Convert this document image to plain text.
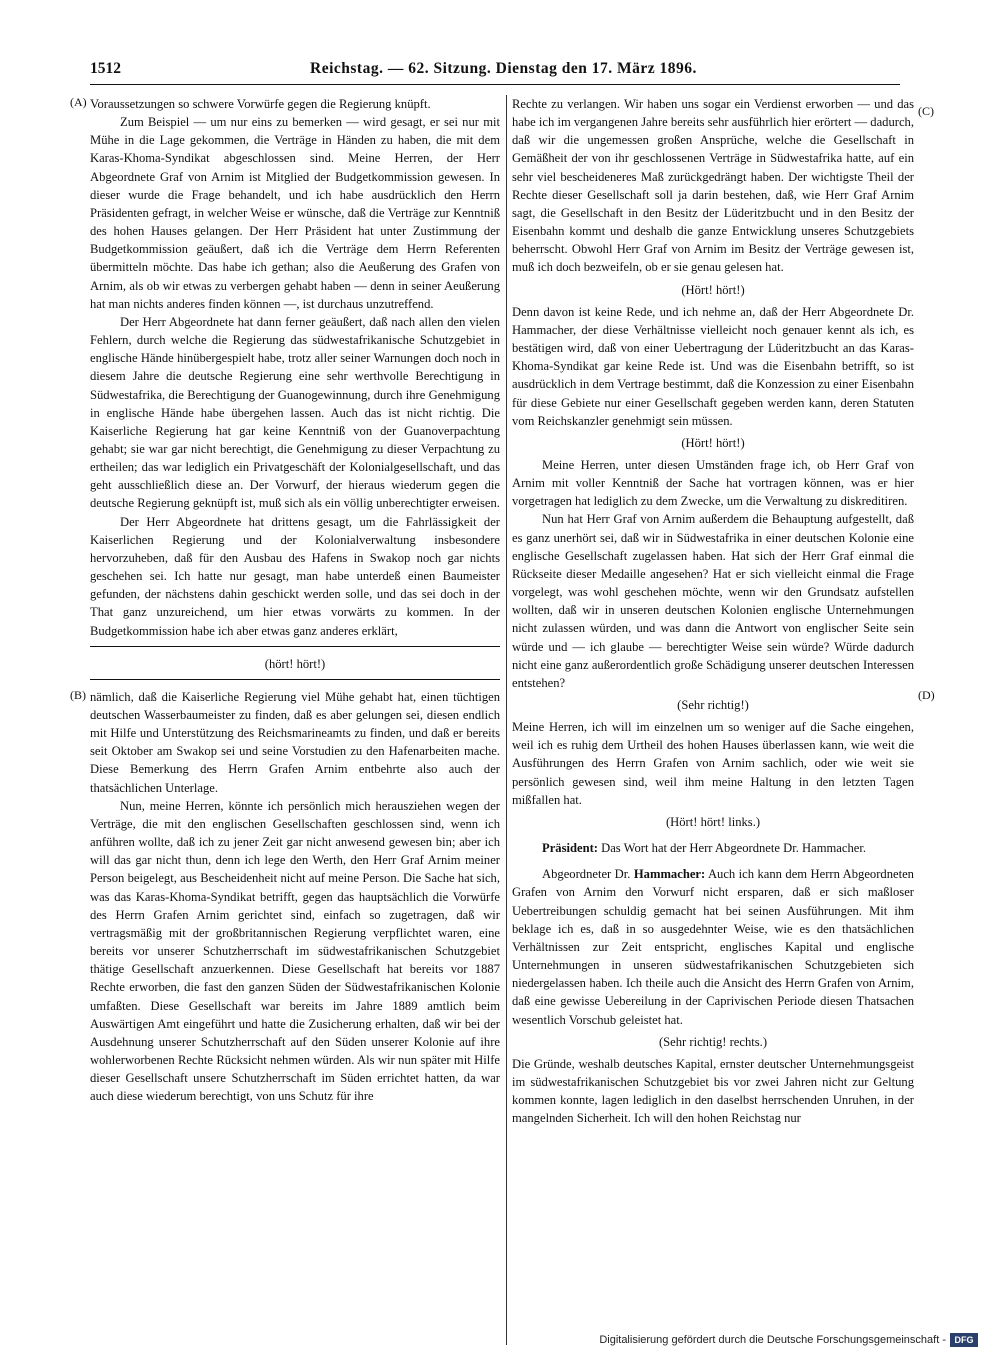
1512	Reichstag. — 62. Sitzung. Dienstag den 17. März 1896.
(A)
(B)
(C)
(D)

Voraussetzungen so schwere Vorwürfe gegen die Regierung knüpft.

Zum Beispiel — um nur eins zu bemerken — wird gesagt, er sei nur mit Mühe in die Lage gekommen, die Verträge in Händen zu haben, die mit dem Karas-Khoma-Syndikat abgeschlossen sind. Meine Herren, der Herr Abgeordnete Graf von Arnim ist Mitglied der Budgetkommission gewesen. In dieser wurde die Frage behandelt, und ich habe ausdrücklich den Herrn Präsidenten gefragt, in welcher Weise er wünsche, daß die Verträge zur Kenntniß des hohen Hauses gelangen. Der Herr Präsident hat unter Zustimmung der Budgetkommission geäußert, daß ich die Verträge dem Herrn Referenten übermitteln möchte. Das habe ich gethan; also die Aeußerung des Grafen von Arnim, als ob wir etwas zu verbergen gehabt haben — denn in seiner Aeußerung hat man nichts anderes finden können —, ist durchaus unzutreffend.

Der Herr Abgeordnete hat dann ferner geäußert, daß nach allen den vielen Fehlern, durch welche die Regierung das südwestafrikanische Schutzgebiet in englische Hände hinübergespielt habe, trotz aller seiner Warnungen doch noch in diesem Jahre die deutsche Regierung eine sehr werthvolle Berechtigung in Südwestafrika, die Berechtigung der Guanogewinnung, durch ihre Genehmigung in englische Hände habe übergehen lassen. Auch das ist nicht richtig. Die Kaiserliche Regierung hat gar keine Kenntniß von der Guanoverpachtung gehabt; sie war gar nicht berechtigt, die Genehmigung zu dieser Verpachtung zu ertheilen; das war lediglich ein Privatgeschäft der Kolonialgesellschaft, und das geht ausschließlich diese an. Der Vorwurf, der hieraus wiederum gegen die deutsche Regierung geknüpft ist, muß sich als ein völlig unberechtigter erweisen.

Der Herr Abgeordnete hat drittens gesagt, um die Fahrlässigkeit der Kaiserlichen Regierung und der Kolonialverwaltung insbesondere hervorzuheben, daß für den Ausbau des Hafens in Swakop noch gar nichts geschehen sei. Ich hatte nur gesagt, man habe unterdeß einen Baumeister gefunden, der nächstens dahin geschickt werden solle, und das sei doch in der That ganz unzureichend, um hier etwas vorwärts zu kommen. In der Budgetkommission habe ich aber etwas ganz anderes erklärt,

(hört! hört!)

nämlich, daß die Kaiserliche Regierung viel Mühe gehabt hat, einen tüchtigen deutschen Wasserbaumeister zu finden, daß es aber gelungen sei, diesen endlich mit Hilfe und Unterstützung des Reichsmarineamts zu finden, und daß er bereits seit Oktober am Swakop sei und seine Vorstudien zu den Hafenarbeiten mache. Diese Bemerkung des Herrn Grafen Arnim entbehrte also auch der thatsächlichen Unterlage.

Nun, meine Herren, könnte ich persönlich mich herausziehen wegen der Verträge, die mit den englischen Gesellschaften geschlossen sind, wenn ich anführen wollte, daß ich zu jener Zeit gar nicht anwesend gewesen bin; aber ich will das gar nicht thun, denn ich lege den Werth, den Herr Graf Arnim meiner Person beigelegt, aus Bescheidenheit nicht auf meine Person. Die Sache hat sich, was das Karas-Khoma-Syndikat betrifft, gegen das hauptsächlich die Vorwürfe des Herrn Grafen Arnim gerichtet sind, einfach so zugetragen, daß wir vertragsmäßig mit der großbritannischen Regierung verpflichtet waren, eine bereits vor unserer Schutzherrschaft im südwestafrikanischen Schutzgebiet thätige Gesellschaft anzuerkennen. Diese Gesellschaft hat bereits vor 1887 Rechte erworben, die fast den ganzen Süden der Südwestafrikanischen Kolonie umfaßten. Diese Gesellschaft war bereits im Jahre 1889 amtlich beim Auswärtigen Amt eingeführt und hatte die Zusicherung erhalten, daß wir bei der Ausdehnung unserer Schutzherrschaft auf den Süden unserer Kolonie auf ihre wohlerworbenen Rechte Rücksicht nehmen würden. Als wir nun später mit Hilfe dieser Gesellschaft unsere Schutzherrschaft im Süden errichtet hatten, da war auch diese wiederum berechtigt, von uns Schutz für ihre

Rechte zu verlangen. Wir haben uns sogar ein Verdienst erworben — und das habe ich im vergangenen Jahre bereits sehr ausführlich hier erörtert — dadurch, daß wir die ungemessen großen Ansprüche, welche die Gesellschaft in Gemäßheit der von ihr geschlossenen Verträge in Südwestafrika hatte, auf ein sehr viel bescheideneres Maß zurückgedrängt haben. Der wichtigste Theil der Rechte dieser Gesellschaft soll ja darin bestehen, daß, wie Herr Graf Arnim sagt, die Gesellschaft in den Besitz der Lüderitzbucht und in den Besitz der Eisenbahn kommt und deshalb die ganze Entwicklung unseres Schutzgebiets beherrscht. Obwohl Herr Graf von Arnim im Besitz der Verträge gewesen ist, muß ich doch bezweifeln, ob er sie genau gelesen hat.

(Hört! hört!)

Denn davon ist keine Rede, und ich nehme an, daß der Herr Abgeordnete Dr. Hammacher, der diese Verhältnisse vielleicht noch genauer kennt als ich, es bestätigen wird, daß von einer Uebertragung der Lüderitzbucht an das Karas-Khoma-Syndikat gar keine Rede ist. Und was die Eisenbahn betrifft, so ist ausdrücklich in dem Vertrage bestimmt, daß die Konzession zu einer Eisenbahn für diese Gebiete nur einer Gesellschaft gegeben werden kann, deren Statuten vom Reichskanzler genehmigt sein müssen.

(Hört! hört!)

Meine Herren, unter diesen Umständen frage ich, ob Herr Graf von Arnim mit voller Kenntniß der Sache hat vortragen können, was er hier vorgetragen hat lediglich zu dem Zwecke, um die Verwaltung zu diskreditiren.

Nun hat Herr Graf von Arnim außerdem die Behauptung aufgestellt, daß es ganz unerhört sei, daß wir in Südwestafrika in einer deutschen Kolonie eine englische Gesellschaft zugelassen haben. Hat sich der Herr Graf einmal die Rückseite dieser Medaille angesehen? Hat er sich vielleicht einmal die Frage vorgelegt, was wohl geschehen möchte, wenn wir den Grundsatz aufstellen wollten, daß wir in unseren deutschen Kolonien englische Unternehmungen nicht zulassen würden, und was dann die Antwort von englischer Seite sein würde und — ich glaube — berechtigter Weise sein würde? Würde dadurch nicht eine ganz außerordentlich große Schädigung unserer deutschen Interessen entstehen?

(Sehr richtig!)

Meine Herren, ich will im einzelnen um so weniger auf die Sache eingehen, weil ich es ruhig dem Urtheil des hohen Hauses überlassen kann, wie weit die Ausführungen des Herrn Grafen von Arnim sachlich, oder wie weit sie persönlich gewesen sind, weil ihm meine Haltung in den letzten Tagen mißfallen hat.

(Hört! hört! links.)

Präsident: Das Wort hat der Herr Abgeordnete Dr. Hammacher.

Abgeordneter Dr. Hammacher: Auch ich kann dem Herrn Abgeordneten Grafen von Arnim den Vorwurf nicht ersparen, daß er sich maßloser Uebertreibungen schuldig gemacht hat bei seinen Ausführungen. Mit ihm beklage ich es, daß in so ausgedehnter Weise, wie es den thatsächlichen Verhältnissen zur Zeit entspricht, englisches Kapital und englische Unternehmungen in unseren südwestafrikanischen Schutzgebieten sich niedergelassen haben. Ich theile auch die Ansicht des Herrn Grafen von Arnim, daß eine gewisse Uebereilung in der Caprivischen Periode diesen Thatsachen wesentlich Vorschub geleistet hat.

(Sehr richtig! rechts.)

Die Gründe, weshalb deutsches Kapital, ernster deutscher Unternehmungsgeist im südwestafrikanischen Schutzgebiet bis vor zwei Jahren nicht zur Geltung kommen konnte, lagen lediglich in den daselbst herrschenden Unruhen, in der mangelnden Sicherheit. Ich will den hohen Reichstag nur

Digitalisierung gefördert durch die Deutsche Forschungsgemeinschaft - DFG
